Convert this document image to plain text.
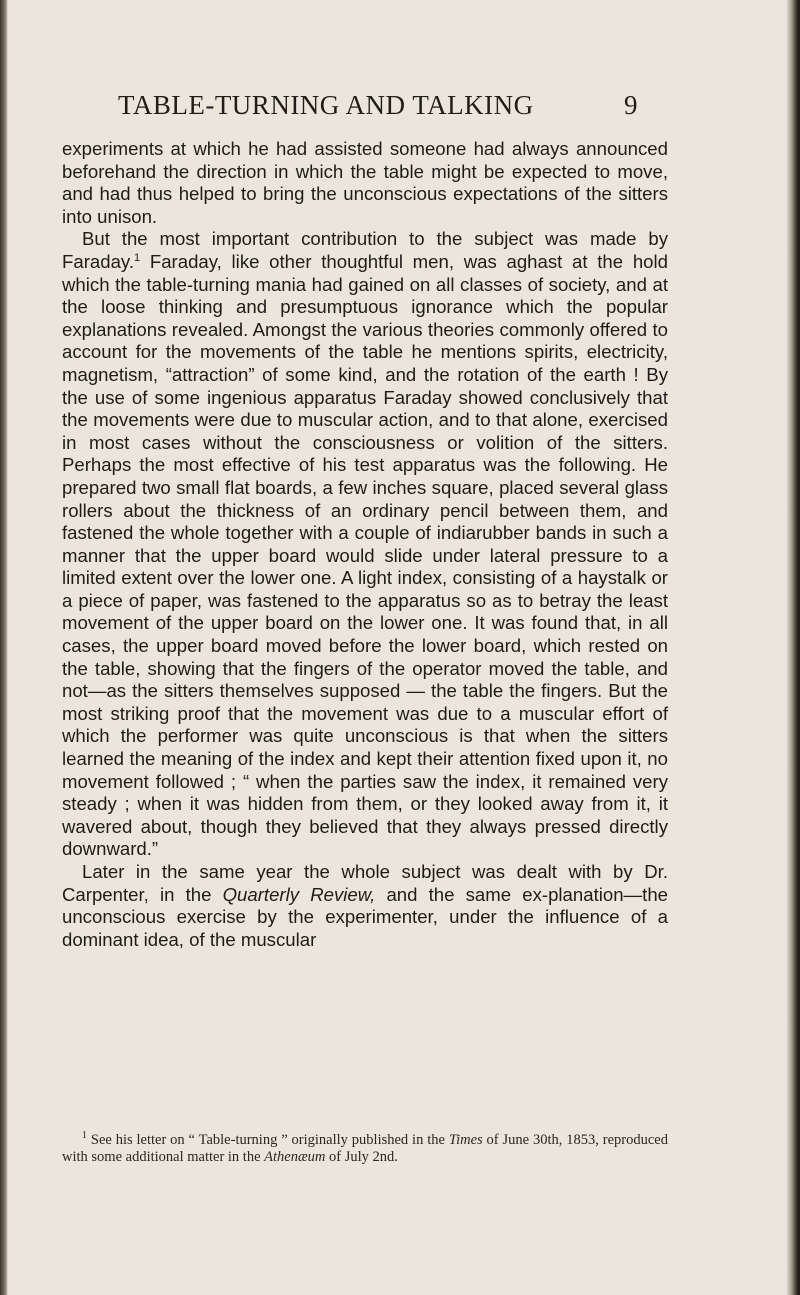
TABLE-TURNING AND TALKING	9

experiments at which he had assisted someone had always announced beforehand the direction in which the table might be expected to move, and had thus helped to bring the unconscious expectations of the sitters into unison.

But the most important contribution to the subject was made by Faraday.$^1$ Faraday, like other thoughtful men, was aghast at the hold which the table-turning mania had gained on all classes of society, and at the loose thinking and presumptuous ignorance which the popular explanations revealed. Amongst the various theories commonly offered to account for the movements of the table he mentions spirits, electricity, magnetism, “attraction” of some kind, and the rotation of the earth ! By the use of some ingenious apparatus Faraday showed conclusively that the movements were due to muscular action, and to that alone, exercised in most cases without the consciousness or volition of the sitters. Perhaps the most effective of his test apparatus was the following. He prepared two small flat boards, a few inches square, placed several glass rollers about the thickness of an ordinary pencil between them, and fastened the whole together with a couple of indiarubber bands in such a manner that the upper board would slide under lateral pressure to a limited extent over the lower one. A light index, consisting of a haystalk or a piece of paper, was fastened to the apparatus so as to betray the least movement of the upper board on the lower one. It was found that, in all cases, the upper board moved before the lower board, which rested on the table, showing that the fingers of the operator moved the table, and not—as the sitters themselves supposed — the table the fingers. But the most striking proof that the movement was due to a muscular effort of which the performer was quite unconscious is that when the sitters learned the meaning of the index and kept their attention fixed upon it, no movement followed ; “ when the parties saw the index, it remained very steady ; when it was hidden from them, or they looked away from it, it wavered about, though they believed that they always pressed directly downward.”

Later in the same year the whole subject was dealt with by Dr. Carpenter, in the Quarterly Review, and the same ex-planation—the unconscious exercise by the experimenter, under the influence of a dominant idea, of the muscular

$^1$ See his letter on “ Table-turning ” originally published in the Times of June 30th, 1853, reproduced with some additional matter in the Athenæum of July 2nd.
